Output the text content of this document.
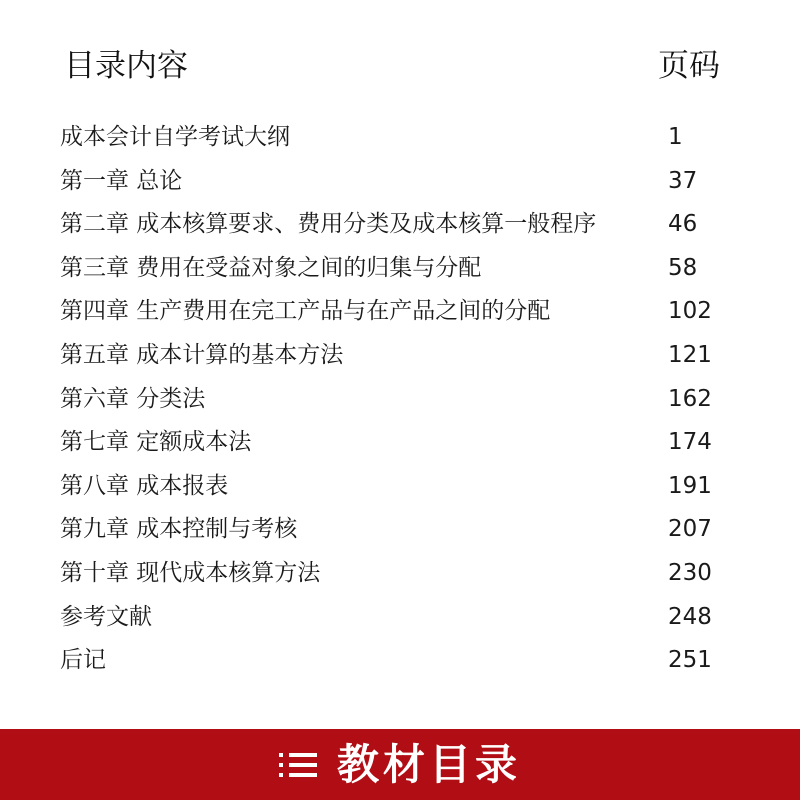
目录内容	页码
成本会计自学考试大纲	1
第一章 总论	37
第二章 成本核算要求、费用分类及成本核算一般程序	46
第三章 费用在受益对象之间的归集与分配	58
第四章 生产费用在完工产品与在产品之间的分配	102
第五章 成本计算的基本方法	121
第六章 分类法	162
第七章 定额成本法	174
第八章 成本报表	191
第九章 成本控制与考核	207
第十章 现代成本核算方法	230
参考文献	248
后记	251
教材目录
